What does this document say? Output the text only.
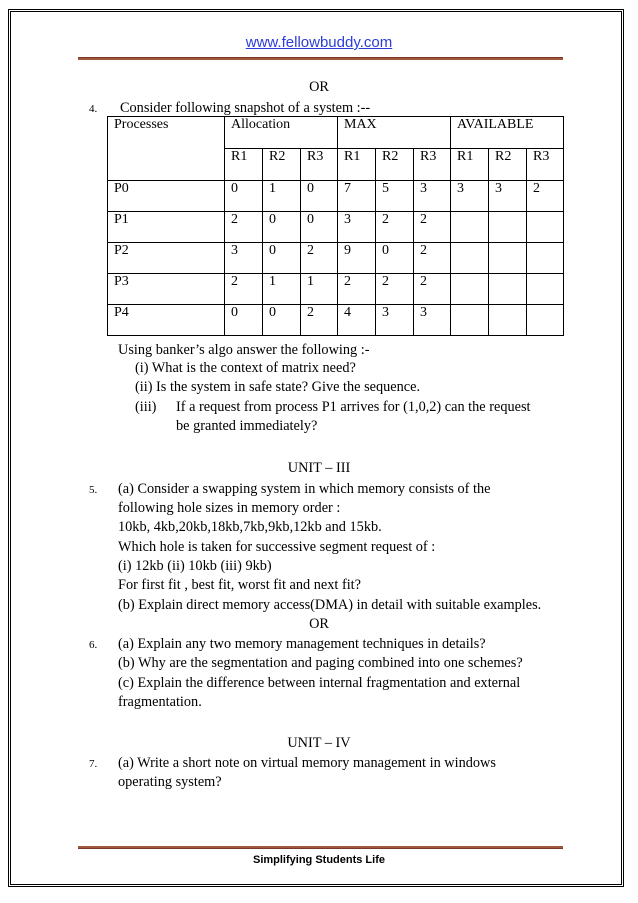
www.fellowbuddy.com
OR
4. Consider following snapshot of a system :--
Processes	Allocation			MAX			AVAILABLE		
	R1	R2	R3	R1	R2	R3	R1	R2	R3
P0	0	1	0	7	5	3	3	3	2
P1	2	0	0	3	2	2			
P2	3	0	2	9	0	2			
P3	2	1	1	2	2	2			
P4	0	0	2	4	3	3			
Using banker’s algo answer the following :-
(i) What is the context of matrix need?
(ii) Is the system in safe state? Give the sequence.
(iii) If a request from process P1 arrives for (1,0,2) can the request
be granted immediately?
UNIT – III
5. (a) Consider a swapping system in which memory consists of the
following hole sizes in memory order :
10kb, 4kb,20kb,18kb,7kb,9kb,12kb and 15kb.
Which hole is taken for successive segment request of :
(i) 12kb (ii) 10kb (iii) 9kb)
For first fit , best fit, worst fit and next fit?
(b) Explain direct memory access(DMA) in detail with suitable examples.
OR
6. (a) Explain any two memory management techniques in details?
(b) Why are the segmentation and paging combined into one schemes?
(c) Explain the difference between internal fragmentation and external
fragmentation.
UNIT – IV
7. (a) Write a short note on virtual memory management in windows
operating system?
Simplifying Students Life
